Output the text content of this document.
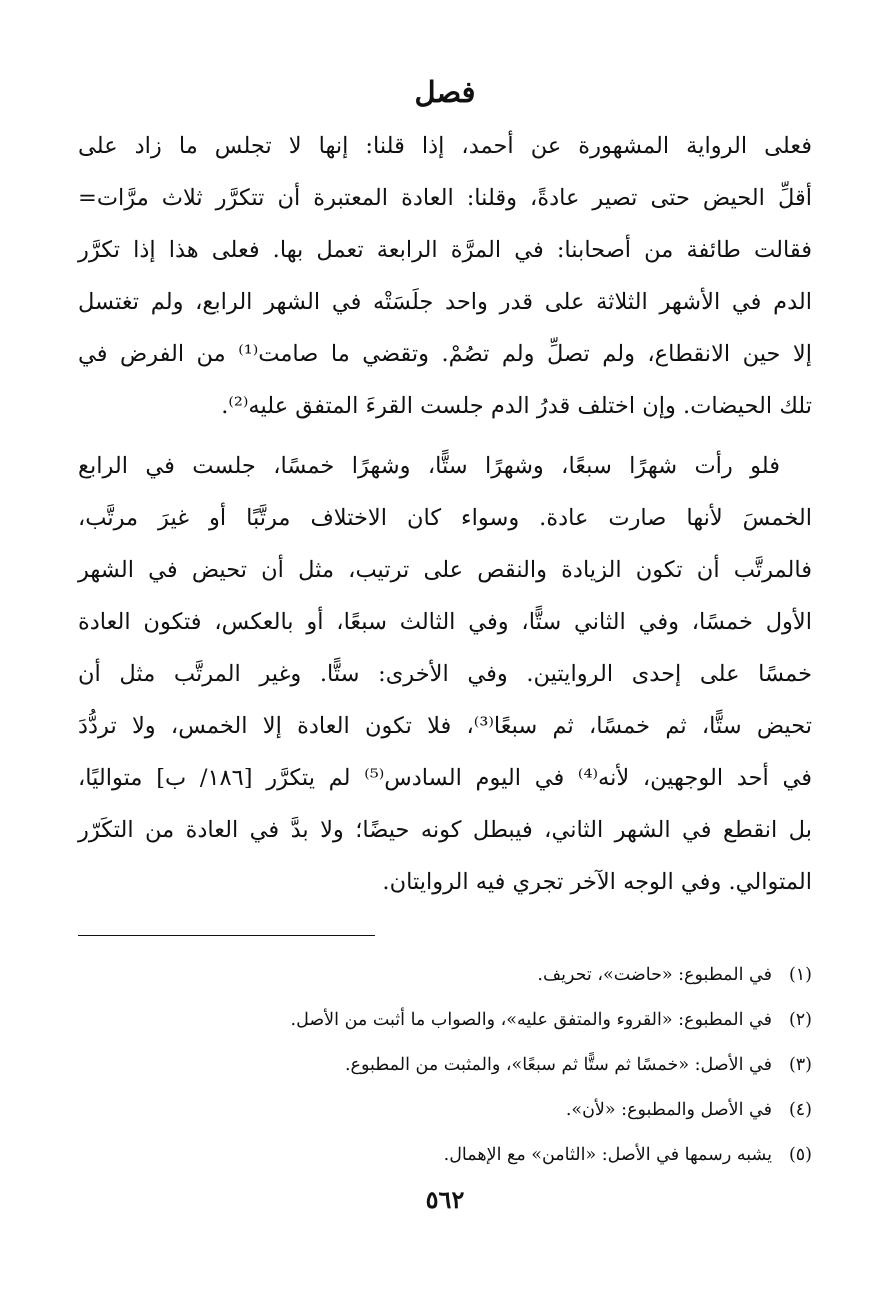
فصل
فعلى الرواية المشهورة عن أحمد، إذا قلنا: إنها لا تجلس ما زاد على
أقلِّ الحيض حتى تصير عادةً، وقلنا: العادة المعتبرة أن تتكرَّر ثلاث مرَّات=
فقالت طائفة من أصحابنا: في المرَّة الرابعة تعمل بها. فعلى هذا إذا تكرَّر
الدم في الأشهر الثلاثة على قدر واحد جلَسَتْه في الشهر الرابع، ولم تغتسل
إلا حين الانقطاع، ولم تصلِّ ولم تصُمْ. وتقضي ما صامت⁽¹⁾ من الفرض في
تلك الحيضات. وإن اختلف قدرُ الدم جلست القرءَ المتفق عليه⁽²⁾.
فلو رأت شهرًا سبعًا، وشهرًا ستًّا، وشهرًا خمسًا، جلست في الرابع
الخمسَ لأنها صارت عادة. وسواء كان الاختلاف مرتَّبًا أو غيرَ مرتَّب،
فالمرتَّب أن تكون الزيادة والنقص على ترتيب، مثل أن تحيض في الشهر
الأول خمسًا، وفي الثاني ستًّا، وفي الثالث سبعًا، أو بالعكس، فتكون العادة
خمسًا على إحدى الروايتين. وفي الأخرى: ستًّا. وغير المرتَّب مثل أن
تحيض ستًّا، ثم خمسًا، ثم سبعًا⁽³⁾، فلا تكون العادة إلا الخمس، ولا تردُّدَ
في أحد الوجهين، لأنه⁽⁴⁾ في اليوم السادس⁽⁵⁾ لم يتكرَّر [١٨٦/ ب] متواليًا،
بل انقطع في الشهر الثاني، فيبطل كونه حيضًا؛ ولا بدَّ في العادة من التكَرّر
المتوالي. وفي الوجه الآخر تجري فيه الروايتان.
(١)
في المطبوع: «حاضت»، تحريف.
(٢)
في المطبوع: «القروء والمتفق عليه»، والصواب ما أثبت من الأصل.
(٣)
في الأصل: «خمسًا ثم ستًّا ثم سبعًا»، والمثبت من المطبوع.
(٤)
في الأصل والمطبوع: «لأن».
(٥)
يشبه رسمها في الأصل: «الثامن» مع الإهمال.
٥٦٢
